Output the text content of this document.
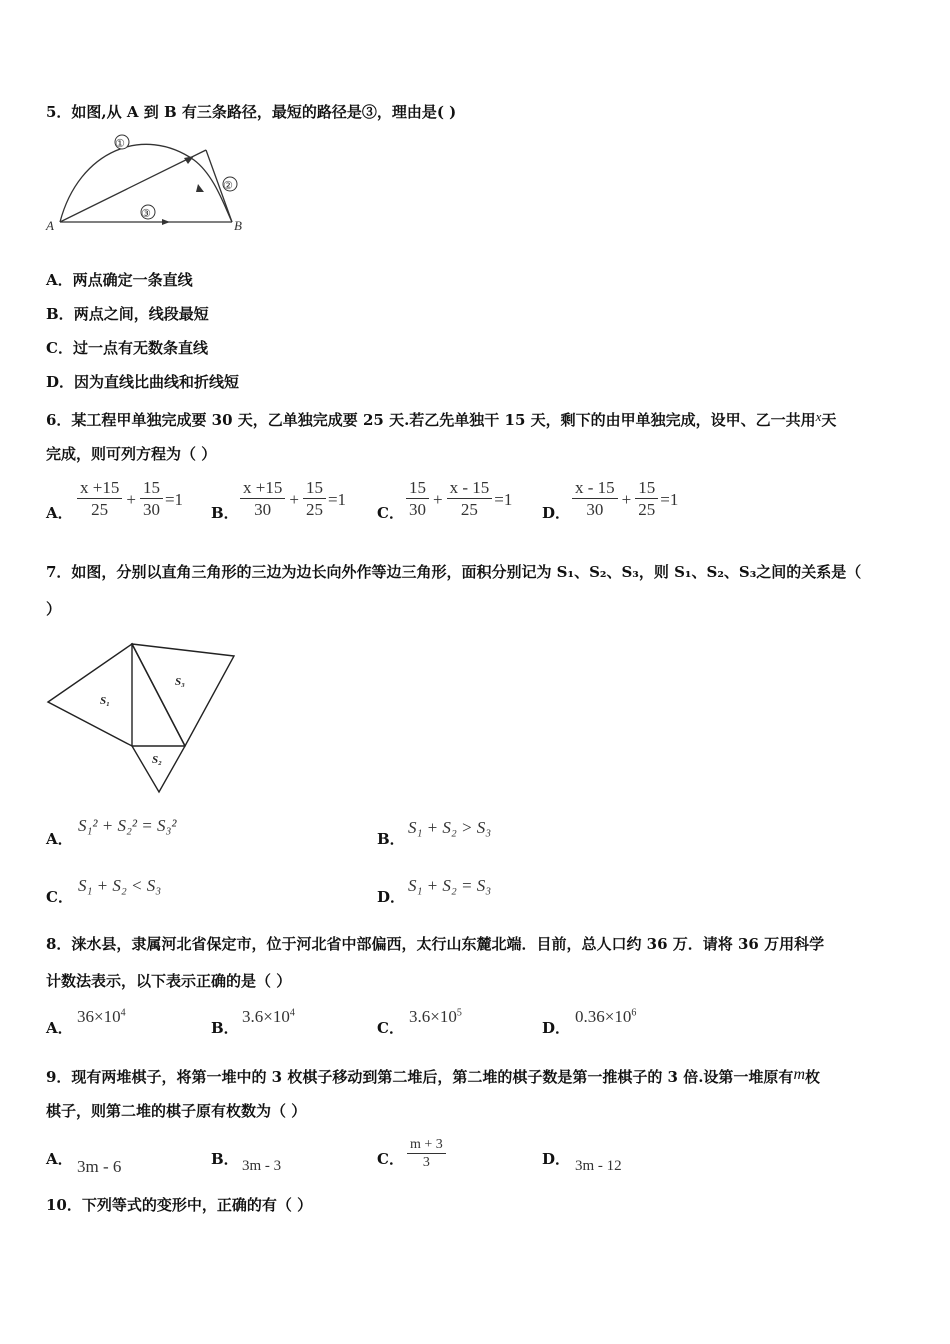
5．如图,从 A 到 B 有三条路径，最短的路径是③，理由是( )
①
②
③
A	B
A．两点确定一条直线
B．两点之间，线段最短
C．过一点有无数条直线
D．因为直线比曲线和折线短
6．某工程甲单独完成要 30 天，乙单独完成要 25 天.若乙先单独干 15 天，剩下的由甲单独完成，设甲、乙一共用x天
完成，则可列方程为（ ）
A． $\frac{x +15}{25} + \frac{15}{30} =1$
B． $\frac{x +15}{30} + \frac{15}{25} =1$
C． $\frac{15}{30} + \frac{x - 15}{25} =1$
D． $\frac{x - 15}{30} + \frac{15}{25} =1$
7．如图，分别以直角三角形的三边为边长向外作等边三角形，面积分别记为 S₁、S₂、S₃，则 S₁、S₂、S₃之间的关系是（
）
S₁
S₃
S₂
A．
S₁² + S₂² = S₃²
B．
S₁ + S₂ > S₃
C．
S₁ + S₂ < S₃
D．
S₁ + S₂ = S₃
8．涞水县，隶属河北省保定市，位于河北省中部偏西，太行山东麓北端．目前，总人口约 36 万．请将 36 万用科学
计数法表示，以下表示正确的是（ ）
A．
$36\times 10^4$
B．
$3.6\times 10^4$
C．
$3.6\times 10^5$
D．
$0.36\times 10^6$
9．现有两堆棋子，将第一堆中的 3 枚棋子移动到第二堆后，第二堆的棋子数是第一推棋子的 3 倍.设第一堆原有m枚
棋子，则第二堆的棋子原有枚数为（ ）
A． 3m - 6	B． 3m - 3	C． $\frac{m + 3}{3}$	D． 3m - 12
10．下列等式的变形中，正确的有（ ）
